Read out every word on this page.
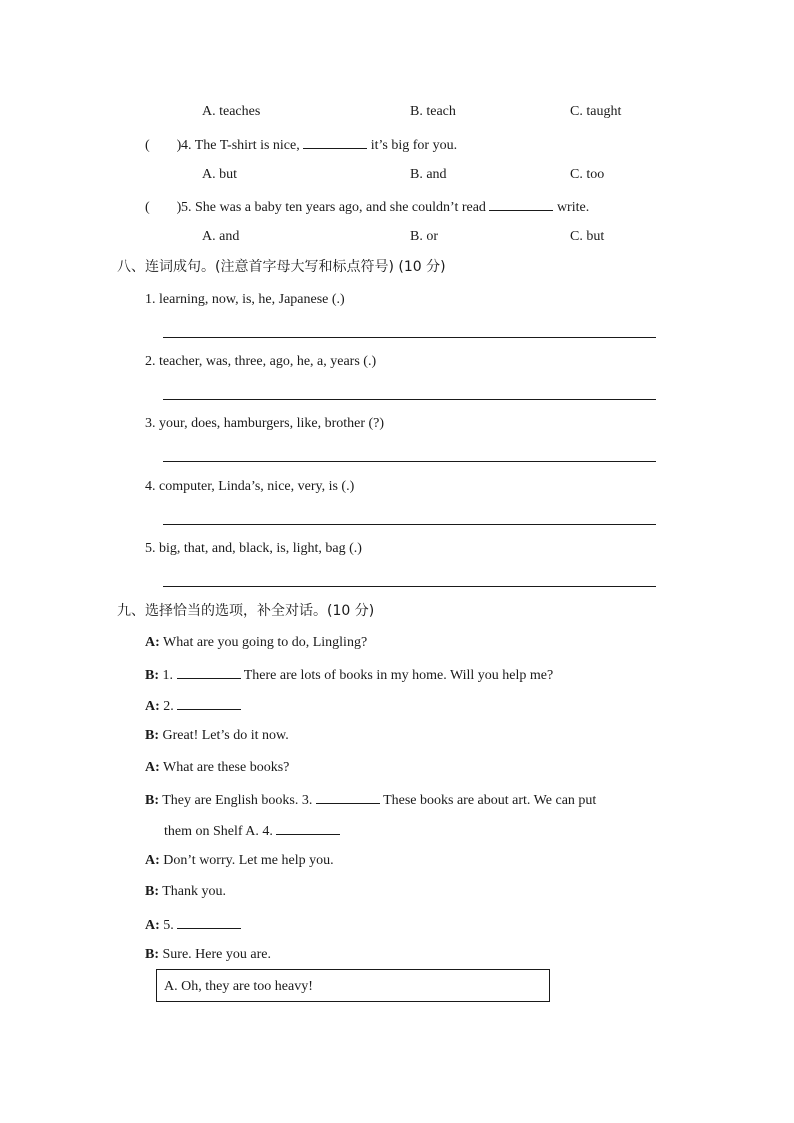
A. teaches	B. teach	C. taught
( )4. The T-shirt is nice,	it’s big for you.
A. but	B. and	C. too
( )5. She was a baby ten years ago, and she couldn’t read	write.
A. and	B. or	C. but
八、连词成句。(注意首字母大写和标点符号) (10 分)
1. learning, now, is, he, Japanese (.)
2. teacher, was, three, ago, he, a, years (.)
3. your, does, hamburgers, like, brother (?)
4. computer, Linda’s, nice, very, is (.)
5. big, that, and, black, is, light, bag (.)
九、选择恰当的选项，补全对话。(10 分)
A: What are you going to do, Lingling?
B: 1.	There are lots of books in my home. Will you help me?
A: 2.
B: Great! Let’s do it now.
A: What are these books?
B: They are English books. 3.	These books are about art. We can put
them on Shelf A. 4.
A: Don’t worry. Let me help you.
B: Thank you.
A: 5.
B: Sure. Here you are.
A. Oh, they are too heavy!
